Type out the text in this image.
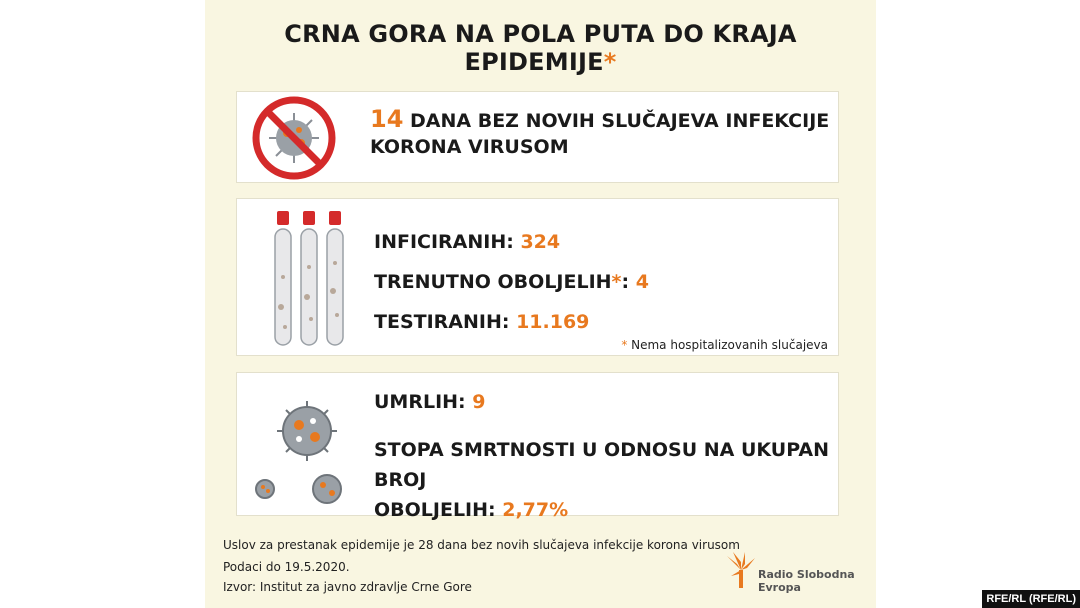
CRNA GORA NA POLA PUTA DO KRAJA EPIDEMIJE*
14 DANA BEZ NOVIH SLUČAJEVA INFEKCIJE
KORONA VIRUSOM
INFICIRANIH: 324
TRENUTNO OBOLJELIH*: 4
TESTIRANIH: 11.169
* Nema hospitalizovanih slučajeva
UMRLIH: 9
STOPA SMRTNOSTI U ODNOSU NA UKUPAN BROJ
OBOLJELIH: 2,77%
Uslov za prestanak epidemije je 28 dana bez novih slučajeva infekcije korona virusom
Podaci do 19.5.2020.
Izvor: Institut za javno zdravlje Crne Gore
Radio Slobodna
Evropa
RFE/RL (RFE/RL)
